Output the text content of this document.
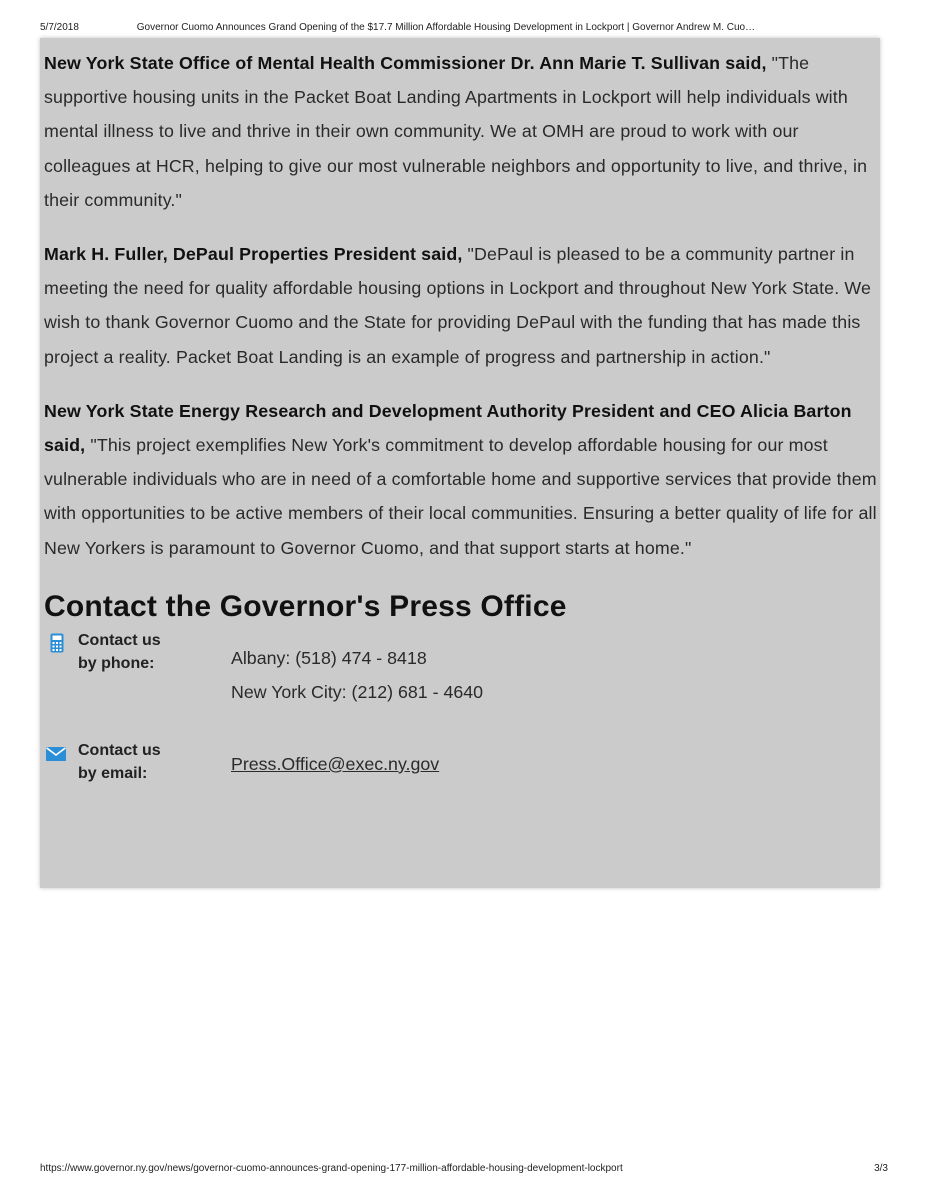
5/7/2018	Governor Cuomo Announces Grand Opening of the $17.7 Million Affordable Housing Development in Lockport | Governor Andrew M. Cuo…

New York State Office of Mental Health Commissioner Dr. Ann Marie T. Sullivan said, "The supportive housing units in the Packet Boat Landing Apartments in Lockport will help individuals with mental illness to live and thrive in their own community. We at OMH are proud to work with our colleagues at HCR, helping to give our most vulnerable neighbors and opportunity to live, and thrive, in their community."

Mark H. Fuller, DePaul Properties President said, "DePaul is pleased to be a community partner in meeting the need for quality affordable housing options in Lockport and throughout New York State. We wish to thank Governor Cuomo and the State for providing DePaul with the funding that has made this project a reality. Packet Boat Landing is an example of progress and partnership in action."

New York State Energy Research and Development Authority President and CEO Alicia Barton said, "This project exemplifies New York's commitment to develop affordable housing for our most vulnerable individuals who are in need of a comfortable home and supportive services that provide them with opportunities to be active members of their local communities. Ensuring a better quality of life for all New Yorkers is paramount to Governor Cuomo, and that support starts at home."

Contact the Governor's Press Office
Contact us
by phone:	Albany: (518) 474 - 8418
New York City: (212) 681 - 4640
Contact us
by email:	Press.Office@exec.ny.gov
https://www.governor.ny.gov/news/governor-cuomo-announces-grand-opening-177-million-affordable-housing-development-lockport	3/3
